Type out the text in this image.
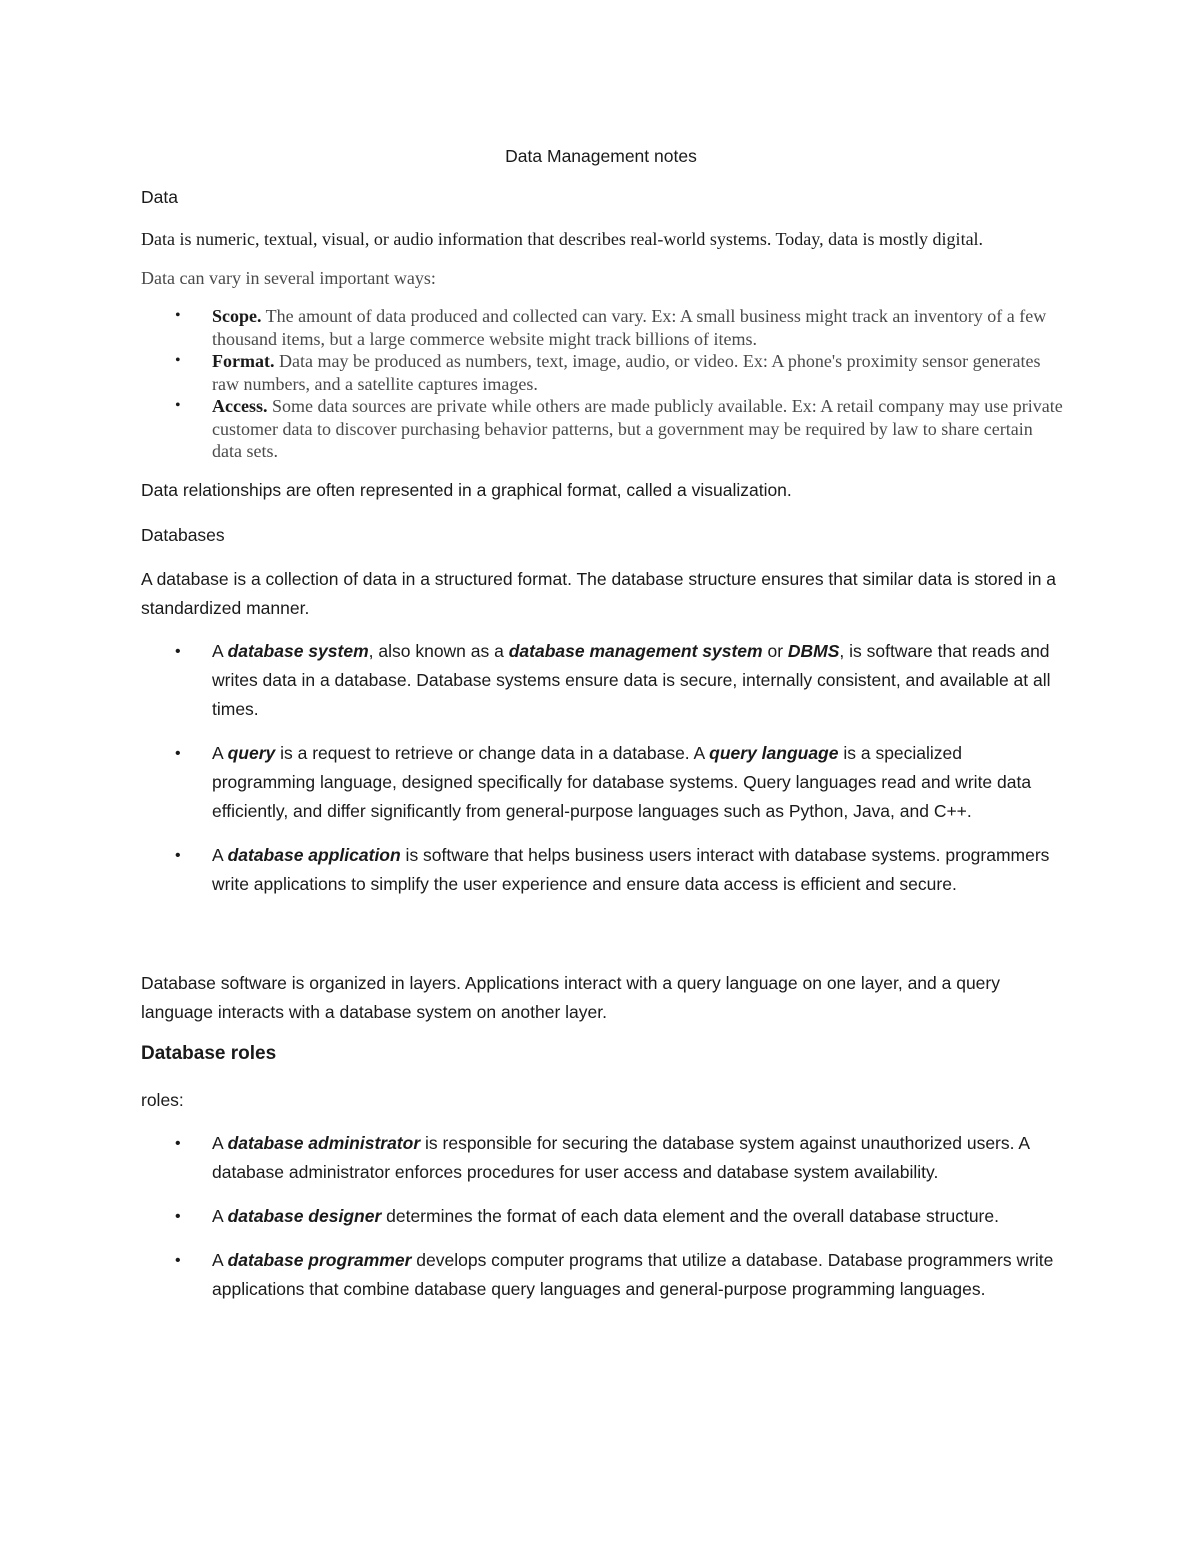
Data Management notes

Data

Data is numeric, textual, visual, or audio information that describes real-world systems. Today, data is mostly digital.

Data can vary in several important ways:

• Scope. The amount of data produced and collected can vary. Ex: A small business might track an inventory of a few thousand items, but a large commerce website might track billions of items.
• Format. Data may be produced as numbers, text, image, audio, or video. Ex: A phone's proximity sensor generates raw numbers, and a satellite captures images.
• Access. Some data sources are private while others are made publicly available. Ex: A retail company may use private customer data to discover purchasing behavior patterns, but a government may be required by law to share certain data sets.

Data relationships are often represented in a graphical format, called a visualization.

Databases

A database is a collection of data in a structured format. The database structure ensures that similar data is stored in a standardized manner.

• A database system, also known as a database management system or DBMS, is software that reads and writes data in a database. Database systems ensure data is secure, internally consistent, and available at all times.
• A query is a request to retrieve or change data in a database. A query language is a specialized programming language, designed specifically for database systems. Query languages read and write data efficiently, and differ significantly from general-purpose languages such as Python, Java, and C++.
• A database application is software that helps business users interact with database systems. programmers write applications to simplify the user experience and ensure data access is efficient and secure.

Database software is organized in layers. Applications interact with a query language on one layer, and a query language interacts with a database system on another layer.

Database roles

roles:

• A database administrator is responsible for securing the database system against unauthorized users. A database administrator enforces procedures for user access and database system availability.
• A database designer determines the format of each data element and the overall database structure.
• A database programmer develops computer programs that utilize a database. Database programmers write applications that combine database query languages and general-purpose programming languages.
